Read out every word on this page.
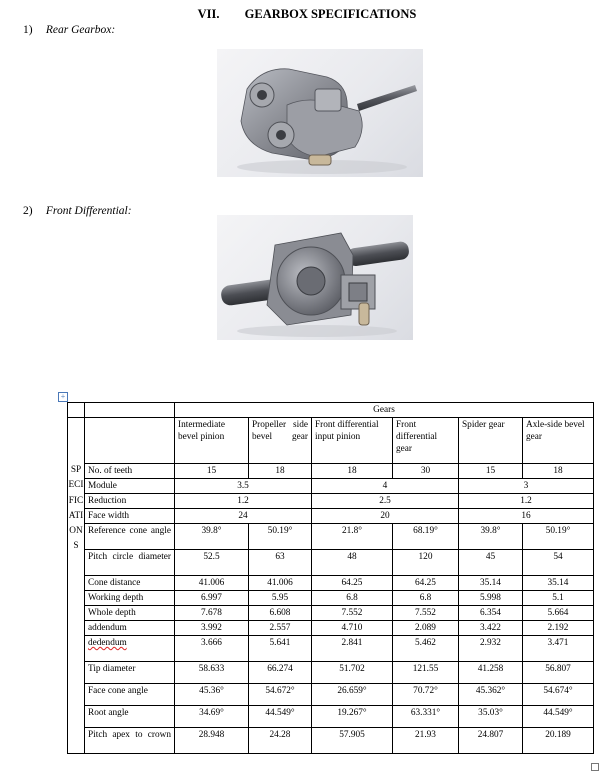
VII. GEARBOX SPECIFICATIONS
1) Rear Gearbox:
2) Front Differential:
+
		Gears					
SPECIFICATIONS		Intermediate bevel pinion	Propeller side bevel gear	Front differential input pinion	Front differential gear	Spider gear	Axle-side bevel gear
	No. of teeth	15	18	18	30	15	18
	Module	3.5		4		3	
	Reduction	1.2		2.5		1.2	
	Face width	24		20		16	

	Reference cone angle	39.8°	50.19°	21.8°	68.19°	39.8°	50.19°

	Pitch circle diameter	52.5	63	48	120	45	54
	Cone distance	41.006	41.006	64.25	64.25	35.14	35.14
	Working depth	6.997	5.95	6.8	6.8	5.998	5.1
	Whole depth	7.678	6.608	7.552	7.552	6.354	5.664
	addendum	3.992	2.557	4.710	2.089	3.422	2.192
	dedendum	3.666	5.641	2.841	5.462	2.932	3.471
	Tip diameter	58.633	66.274	51.702	121.55	41.258	56.807
	Face cone angle	45.36°	54.672°	26.659°	70.72°	45.362°	54.674°
	Root angle	34.69°	44.549°	19.267°	63.331°	35.03°	44.549°

	Pitch apex to crown	28.948	24.28	57.905	21.93	24.807	20.189
